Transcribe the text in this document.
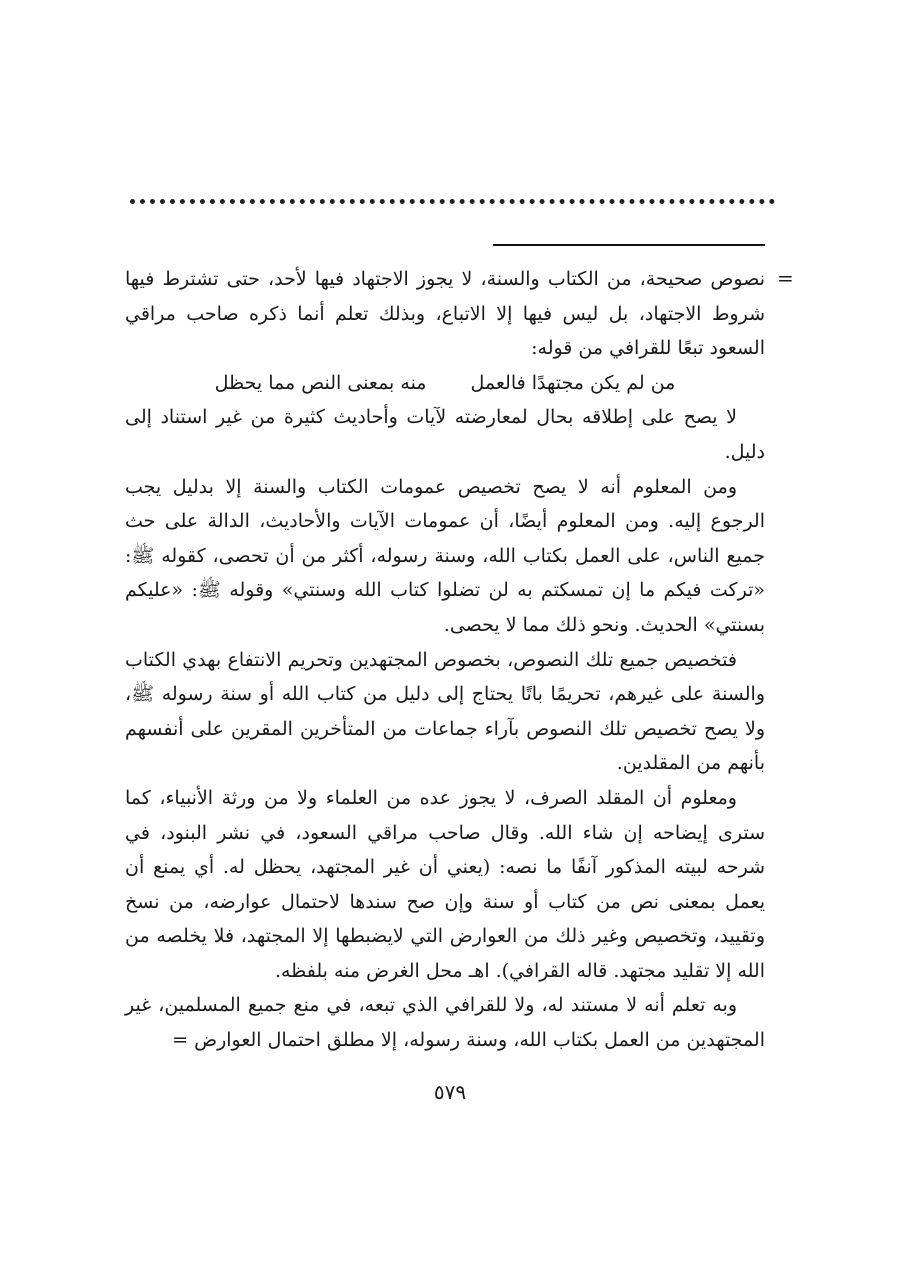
=

نصوص صحيحة، من الكتاب والسنة، لا يجوز الاجتهاد فيها لأحد، حتى تشترط فيها شروط الاجتهاد، بل ليس فيها إلا الاتباع، وبذلك تعلم أنما ذكره صاحب مراقي السعود تبعًا للقرافي من قوله:

من لم يكن مجتهدًا فالعمل
منه بمعنى النص مما يحظل

لا يصح على إطلاقه بحال لمعارضته لآيات وأحاديث كثيرة من غير استناد إلى دليل.

ومن المعلوم أنه لا يصح تخصيص عمومات الكتاب والسنة إلا بدليل يجب الرجوع إليه. ومن المعلوم أيضًا، أن عمومات الآيات والأحاديث، الدالة على حث جميع الناس، على العمل بكتاب الله، وسنة رسوله، أكثر من أن تحصى، كقوله ﷺ: «تركت فيكم ما إن تمسكتم به لن تضلوا كتاب الله وسنتي» وقوله ﷺ: «عليكم بسنتي» الحديث. ونحو ذلك مما لا يحصى.

فتخصيص جميع تلك النصوص، بخصوص المجتهدين وتحريم الانتفاع بهدي الكتاب والسنة على غيرهم، تحريمًا باتًا يحتاج إلى دليل من كتاب الله أو سنة رسوله ﷺ، ولا يصح تخصيص تلك النصوص بآراء جماعات من المتأخرين المقرين على أنفسهم بأنهم من المقلدين.

ومعلوم أن المقلد الصرف، لا يجوز عده من العلماء ولا من ورثة الأنبياء، كما سترى إيضاحه إن شاء الله. وقال صاحب مراقي السعود، في نشر البنود، في شرحه لبيته المذكور آنفًا ما نصه: (يعني أن غير المجتهد، يحظل له. أي يمنع أن يعمل بمعنى نص من كتاب أو سنة وإن صح سندها لاحتمال عوارضه، من نسخ وتقييد، وتخصيص وغير ذلك من العوارض التي لايضبطها إلا المجتهد، فلا يخلصه من الله إلا تقليد مجتهد. قاله القرافي). اهـ محل الغرض منه بلفظه.

وبه تعلم أنه لا مستند له، ولا للقرافي الذي تبعه، في منع جميع المسلمين، غير المجتهدين من العمل بكتاب الله، وسنة رسوله، إلا مطلق احتمال العوارض =

٥٧٩
